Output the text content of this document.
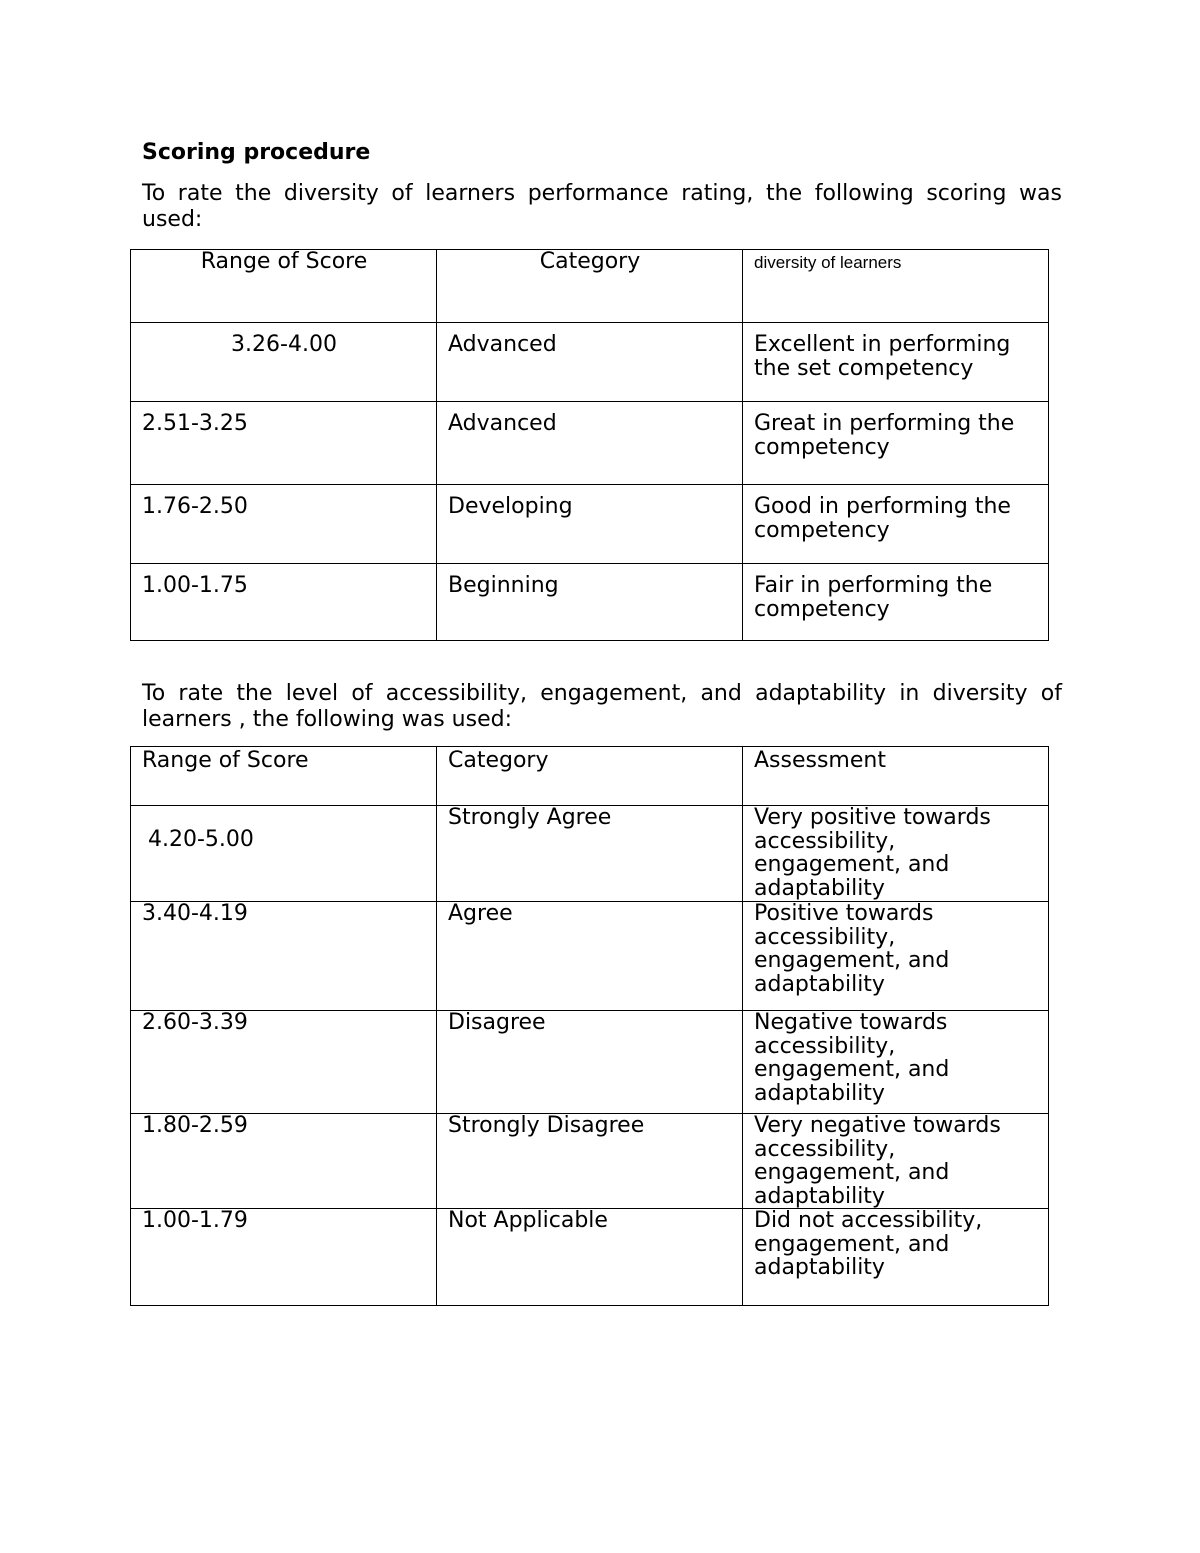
Scoring procedure
To rate the diversity of learners performance rating, the following scoring was used:
Range of Score	Category	diversity of learners

3.26-4.00	Advanced	Excellent in performing the set competency

2.51-3.25	Advanced	Great in performing the competency

1.76-2.50	Developing	Good in performing the competency

1.00-1.75	Beginning	Fair in performing the competency
To rate the level of accessibility, engagement, and adaptability in diversity of learners , the following was used:
Range of Score	Category	Assessment

4.20-5.00	Strongly Agree	Very positive towards accessibility, engagement, and adaptability

3.40-4.19	Agree	Positive towards accessibility, engagement, and adaptability

2.60-3.39	Disagree	Negative towards accessibility, engagement, and adaptability

1.80-2.59	Strongly Disagree	Very negative towards accessibility, engagement, and adaptability

1.00-1.79	Not Applicable	Did not accessibility, engagement, and adaptability
